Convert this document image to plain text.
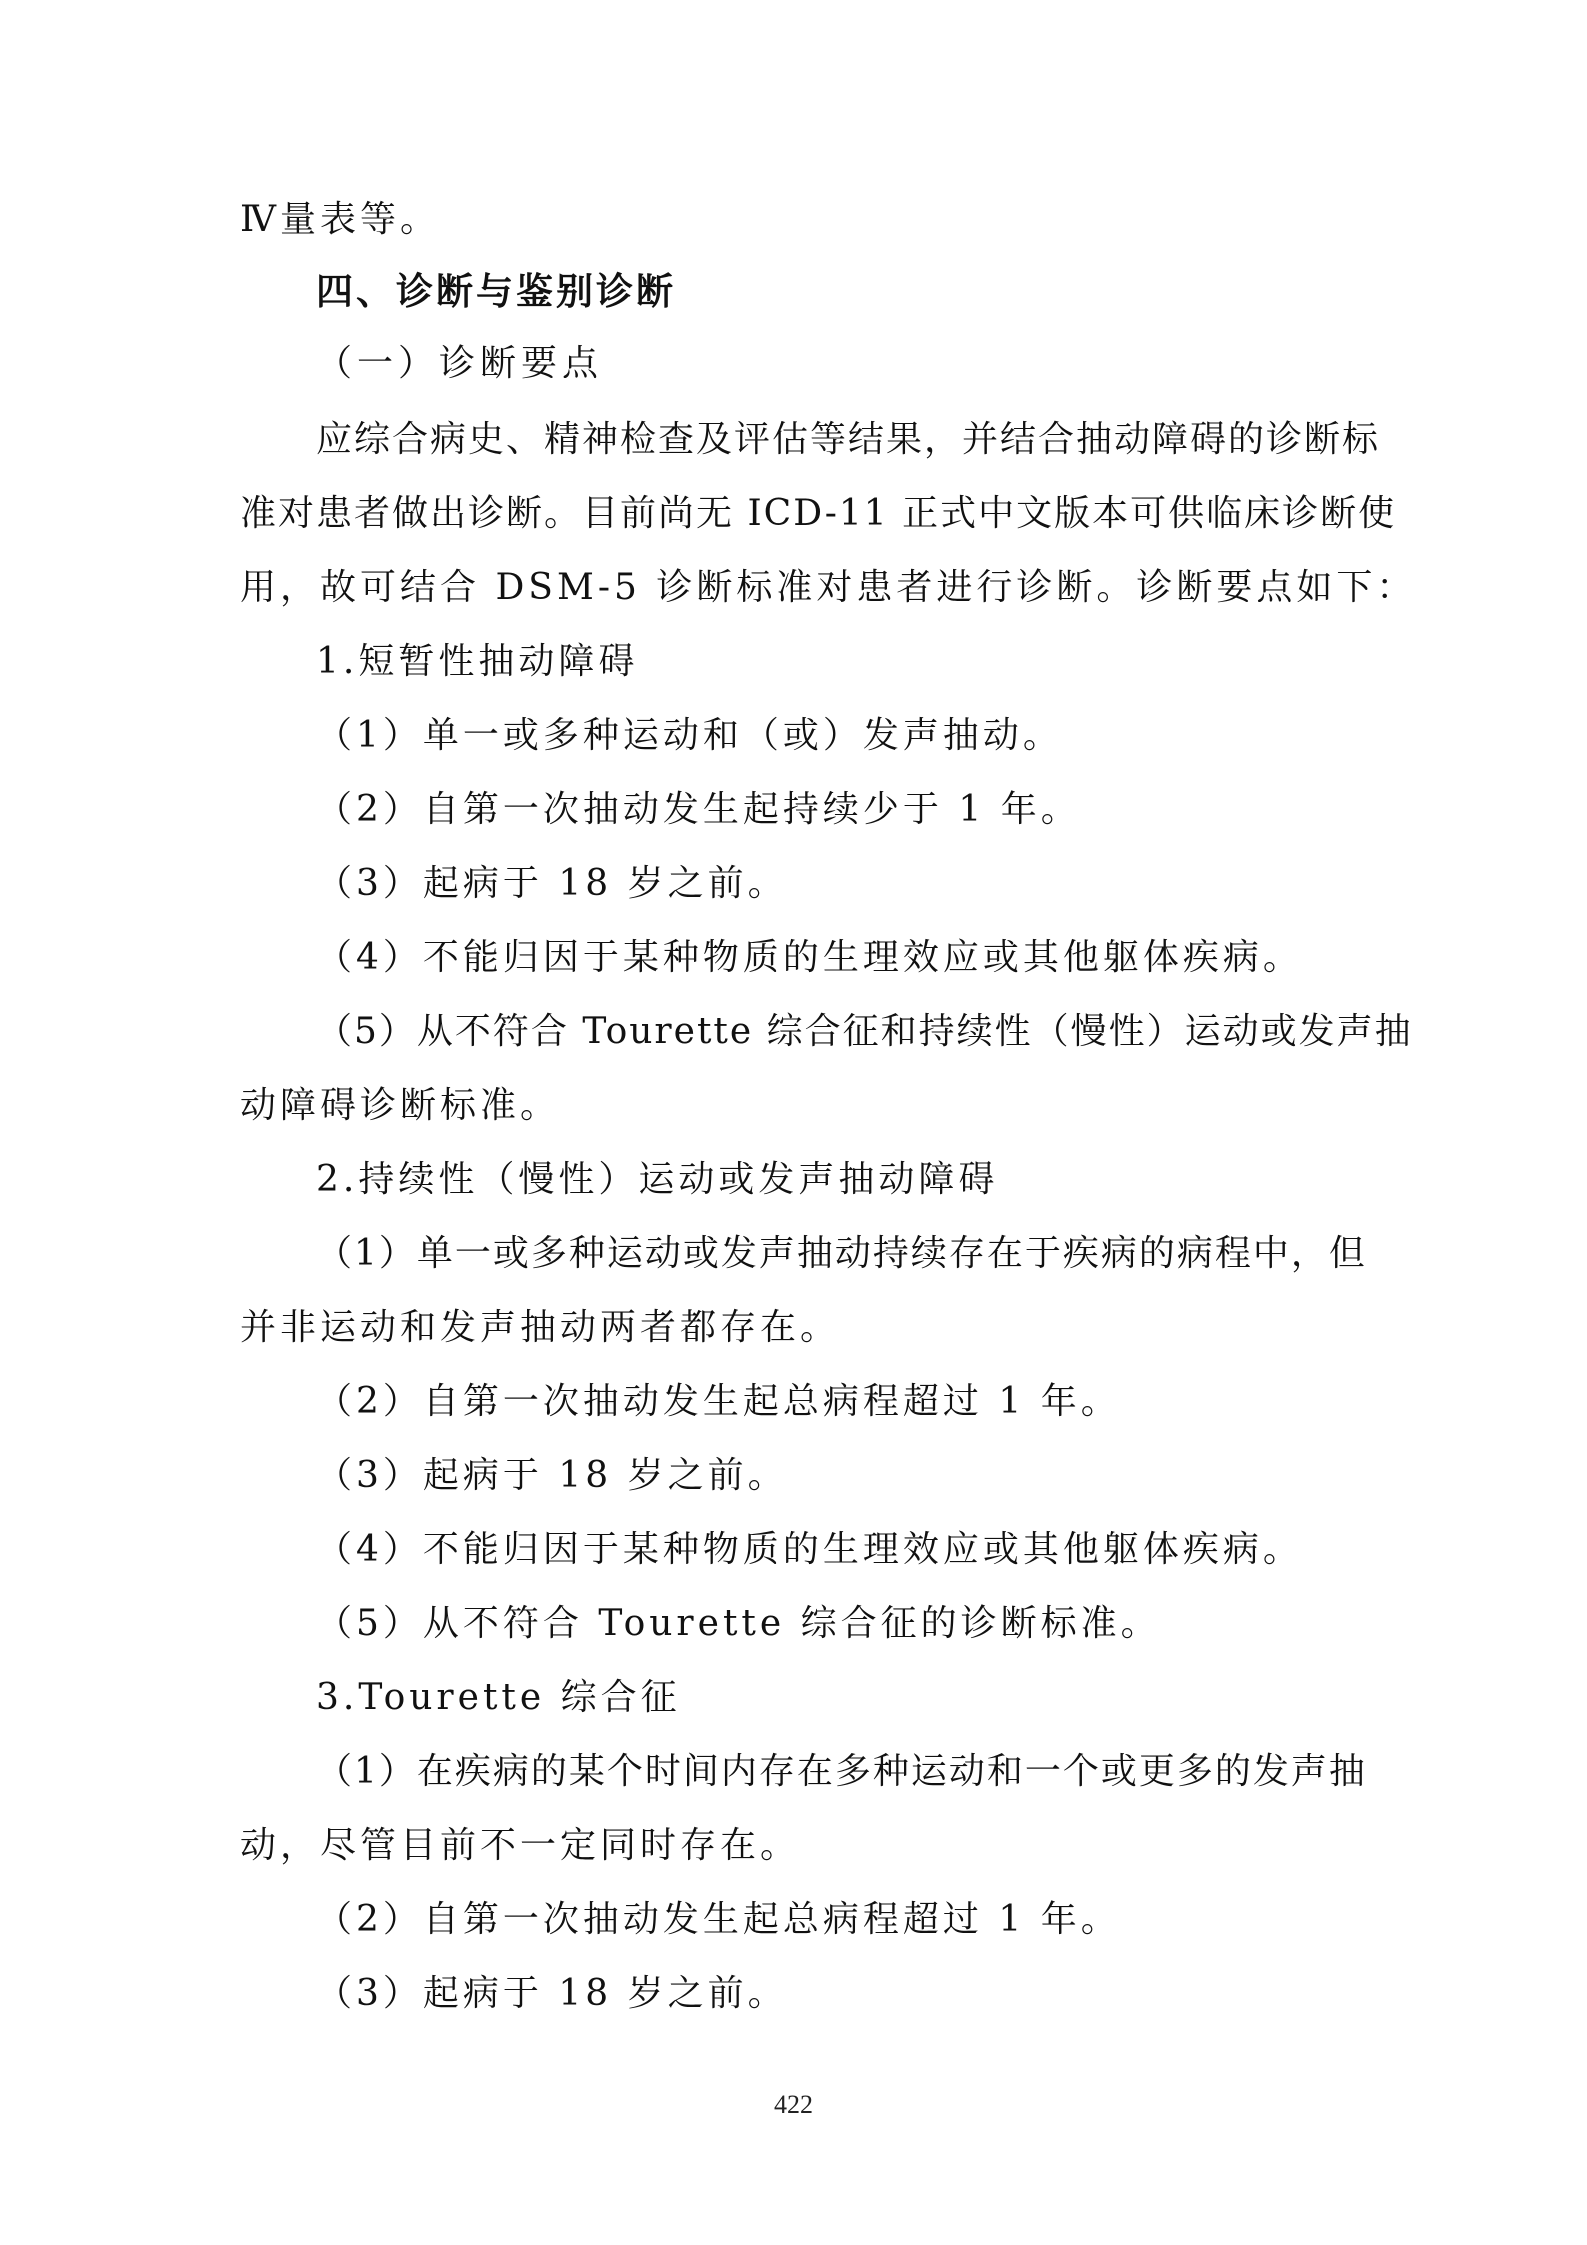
Ⅳ量表等。
四、诊断与鉴别诊断
（一）诊断要点
应综合病史、精神检查及评估等结果，并结合抽动障碍的诊断标
准对患者做出诊断。目前尚无 ICD-11 正式中文版本可供临床诊断使
用，故可结合 DSM-5 诊断标准对患者进行诊断。诊断要点如下：
1.短暂性抽动障碍
（1）单一或多种运动和（或）发声抽动。
（2）自第一次抽动发生起持续少于 1 年。
（3）起病于 18 岁之前。
（4）不能归因于某种物质的生理效应或其他躯体疾病。
（5）从不符合 Tourette 综合征和持续性（慢性）运动或发声抽
动障碍诊断标准。
2.持续性（慢性）运动或发声抽动障碍
（1）单一或多种运动或发声抽动持续存在于疾病的病程中，但
并非运动和发声抽动两者都存在。
（2）自第一次抽动发生起总病程超过 1 年。
（3）起病于 18 岁之前。
（4）不能归因于某种物质的生理效应或其他躯体疾病。
（5）从不符合 Tourette 综合征的诊断标准。
3.Tourette 综合征
（1）在疾病的某个时间内存在多种运动和一个或更多的发声抽
动，尽管目前不一定同时存在。
（2）自第一次抽动发生起总病程超过 1 年。
（3）起病于 18 岁之前。
422
